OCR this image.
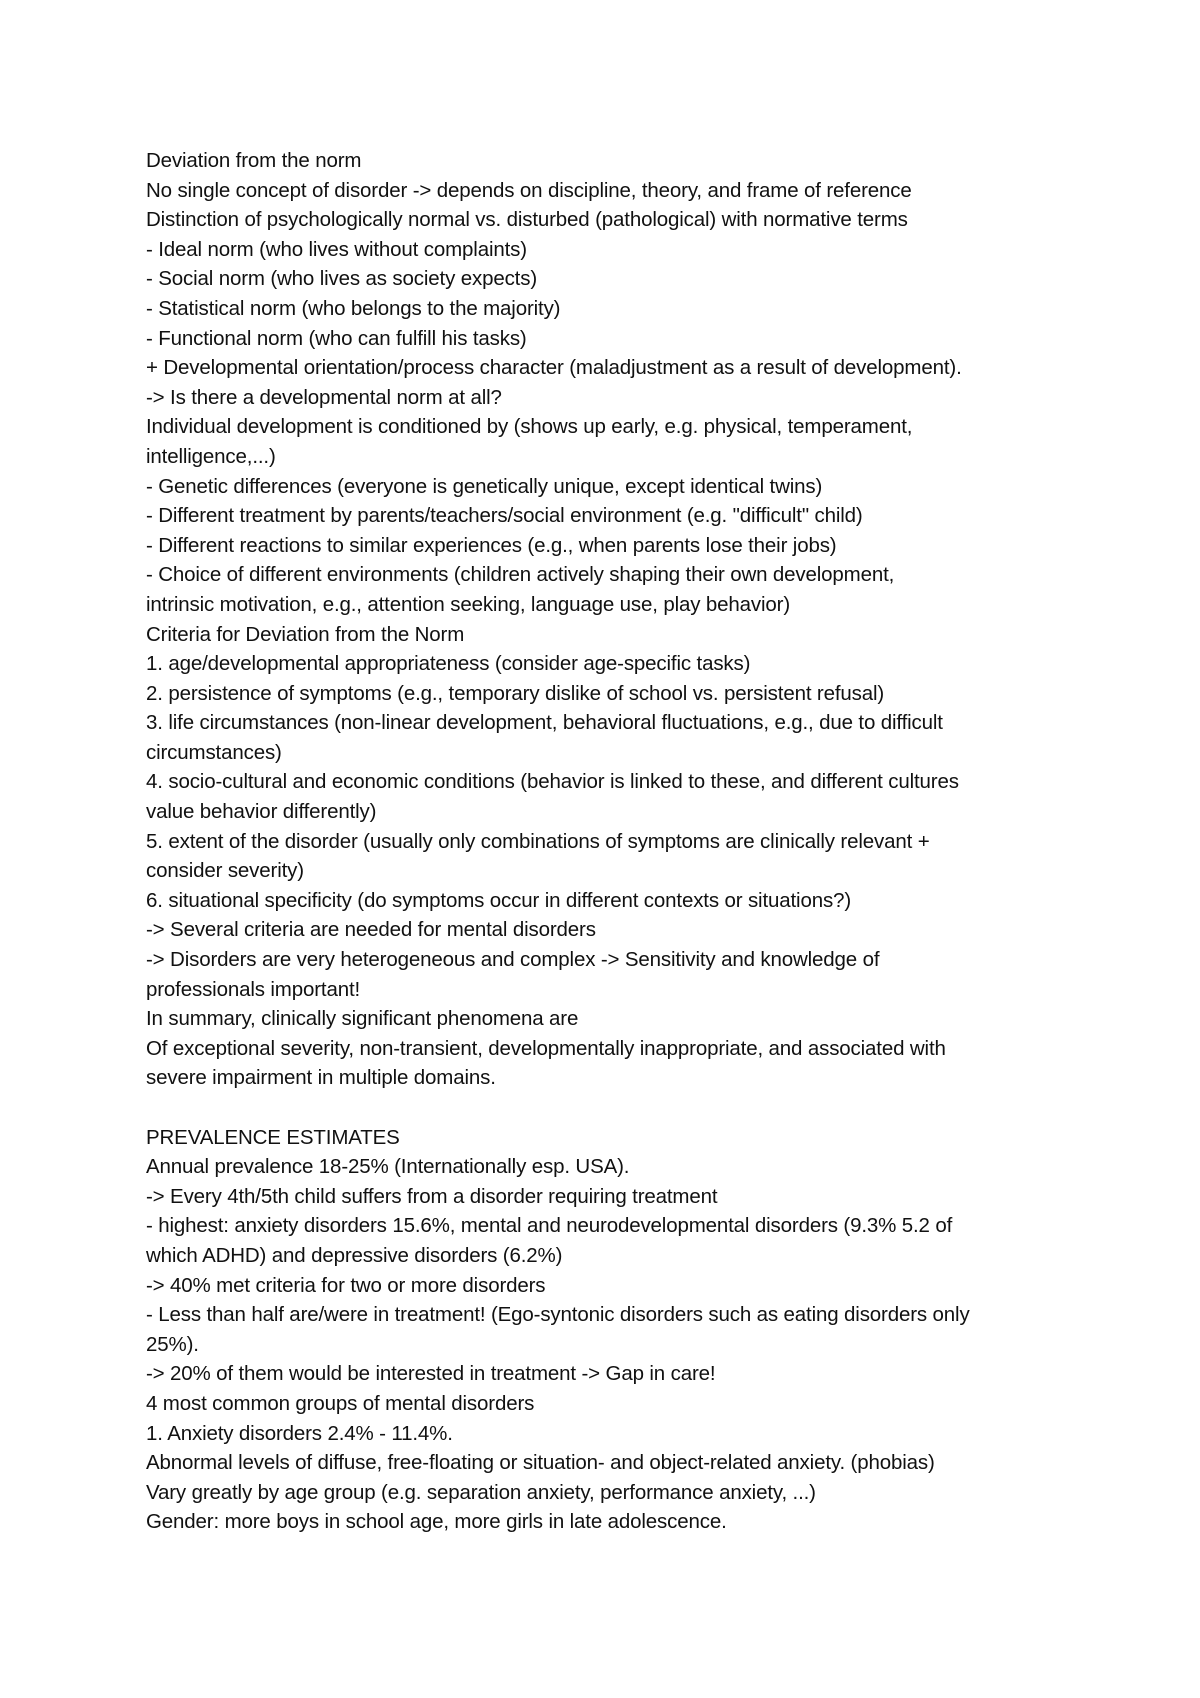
Deviation from the norm
No single concept of disorder -> depends on discipline, theory, and frame of reference
Distinction of psychologically normal vs. disturbed (pathological) with normative terms
- Ideal norm (who lives without complaints)
- Social norm (who lives as society expects)
- Statistical norm (who belongs to the majority)
- Functional norm (who can fulfill his tasks)
+ Developmental orientation/process character (maladjustment as a result of development).
-> Is there a developmental norm at all?
Individual development is conditioned by (shows up early, e.g. physical, temperament,
intelligence,...)
- Genetic differences (everyone is genetically unique, except identical twins)
- Different treatment by parents/teachers/social environment (e.g. "difficult" child)
- Different reactions to similar experiences (e.g., when parents lose their jobs)
- Choice of different environments (children actively shaping their own development,
intrinsic motivation, e.g., attention seeking, language use, play behavior)
Criteria for Deviation from the Norm
1. age/developmental appropriateness (consider age-specific tasks)
2. persistence of symptoms (e.g., temporary dislike of school vs. persistent refusal)
3. life circumstances (non-linear development, behavioral fluctuations, e.g., due to difficult
circumstances)
4. socio-cultural and economic conditions (behavior is linked to these, and different cultures
value behavior differently)
5. extent of the disorder (usually only combinations of symptoms are clinically relevant +
consider severity)
6. situational specificity (do symptoms occur in different contexts or situations?)
-> Several criteria are needed for mental disorders
-> Disorders are very heterogeneous and complex -> Sensitivity and knowledge of
professionals important!
In summary, clinically significant phenomena are
Of exceptional severity, non-transient, developmentally inappropriate, and associated with
severe impairment in multiple domains.
PREVALENCE ESTIMATES
Annual prevalence 18-25% (Internationally esp. USA).
-> Every 4th/5th child suffers from a disorder requiring treatment
- highest: anxiety disorders 15.6%, mental and neurodevelopmental disorders (9.3% 5.2 of
which ADHD) and depressive disorders (6.2%)
-> 40% met criteria for two or more disorders
- Less than half are/were in treatment! (Ego-syntonic disorders such as eating disorders only
25%).
-> 20% of them would be interested in treatment -> Gap in care!
4 most common groups of mental disorders
1. Anxiety disorders 2.4% - 11.4%.
Abnormal levels of diffuse, free-floating or situation- and object-related anxiety. (phobias)
Vary greatly by age group (e.g. separation anxiety, performance anxiety, ...)
Gender: more boys in school age, more girls in late adolescence.
